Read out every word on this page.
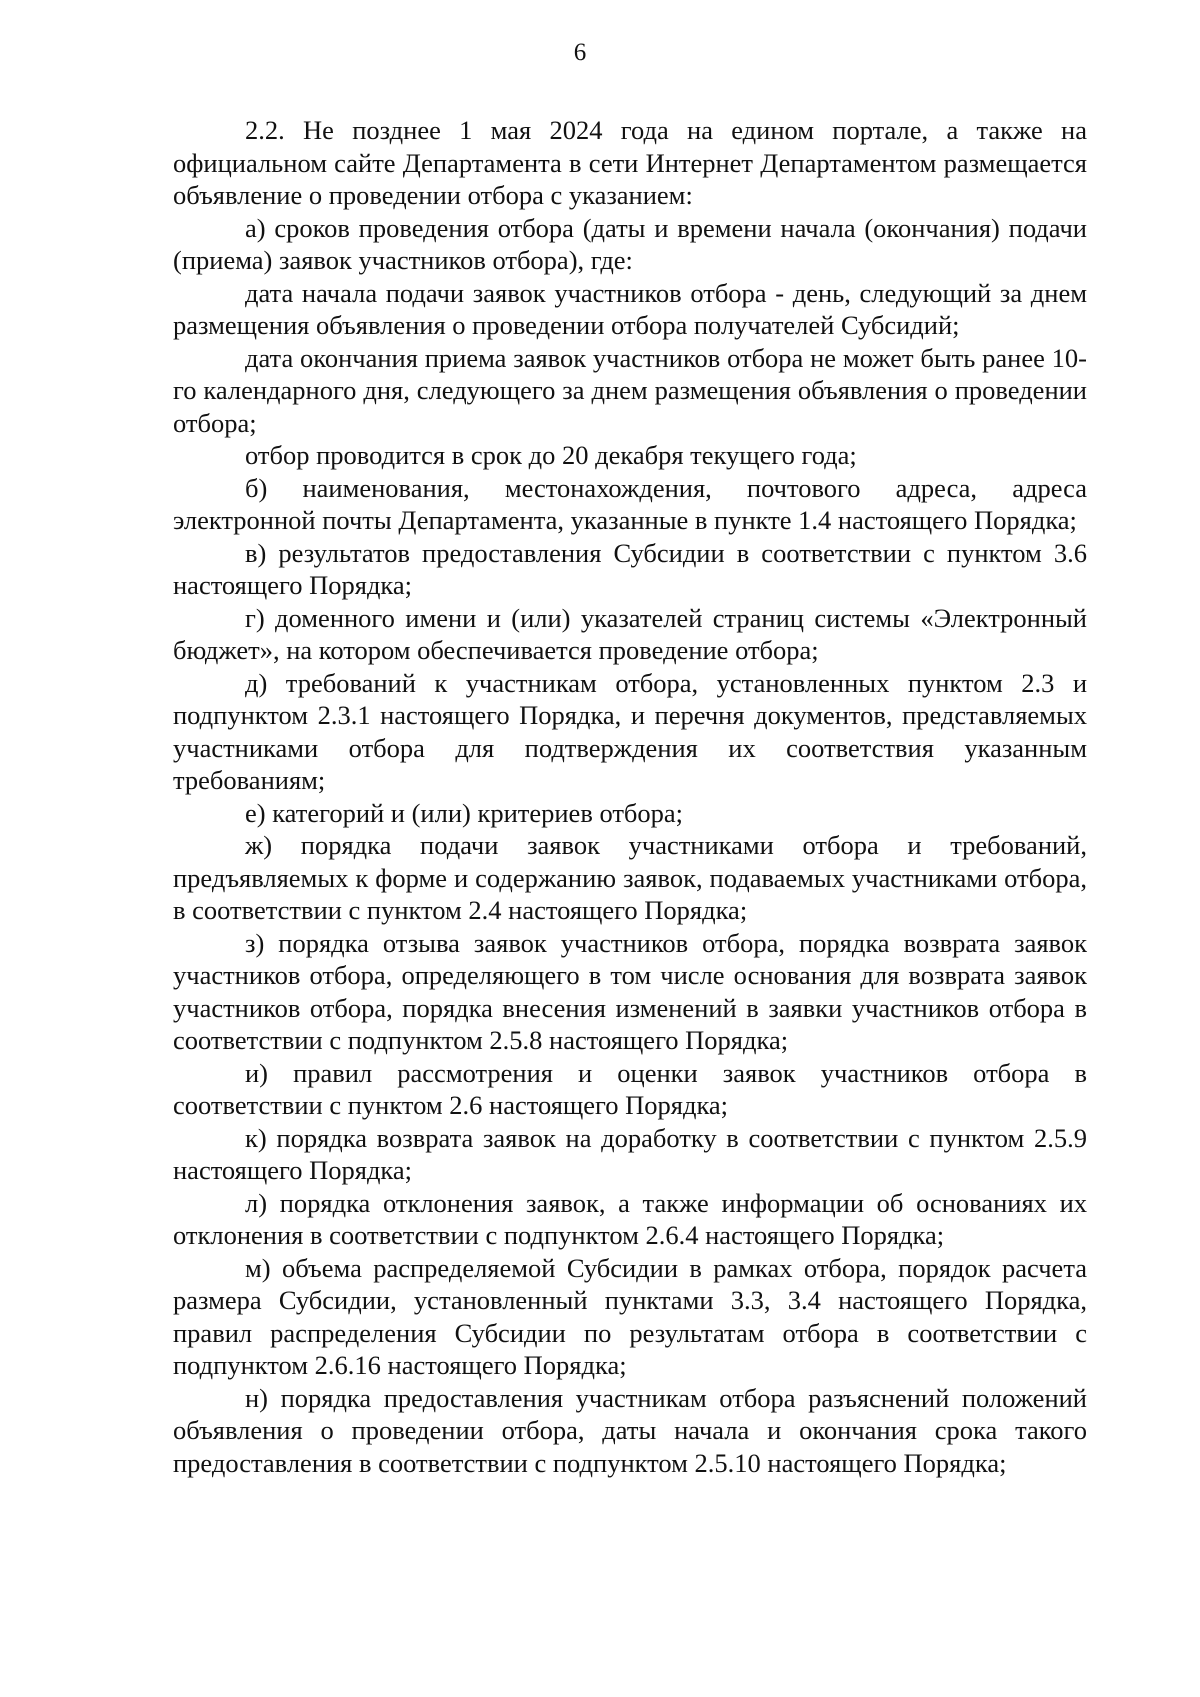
6

2.2. Не позднее 1 мая 2024 года на едином портале, а также на официальном сайте Департамента в сети Интернет Департаментом размещается объявление о проведении отбора с указанием:

а) сроков проведения отбора (даты и времени начала (окончания) подачи (приема) заявок участников отбора), где:

дата начала подачи заявок участников отбора - день, следующий за днем размещения объявления о проведении отбора получателей Субсидий;

дата окончания приема заявок участников отбора не может быть ранее 10-го календарного дня, следующего за днем размещения объявления о проведении отбора;

отбор проводится в срок до 20 декабря текущего года;

б) наименования, местонахождения, почтового адреса, адреса электронной почты Департамента, указанные в пункте 1.4 настоящего Порядка;

в) результатов предоставления Субсидии в соответствии с пунктом 3.6 настоящего Порядка;

г) доменного имени и (или) указателей страниц системы «Электронный бюджет», на котором обеспечивается проведение отбора;

д) требований к участникам отбора, установленных пунктом 2.3 и подпунктом 2.3.1 настоящего Порядка, и перечня документов, представляемых участниками отбора для подтверждения их соответствия указанным требованиям;

е) категорий и (или) критериев отбора;

ж) порядка подачи заявок участниками отбора и требований, предъявляемых к форме и содержанию заявок, подаваемых участниками отбора, в соответствии с пунктом 2.4 настоящего Порядка;

з) порядка отзыва заявок участников отбора, порядка возврата заявок участников отбора, определяющего в том числе основания для возврата заявок участников отбора, порядка внесения изменений в заявки участников отбора в соответствии с подпунктом 2.5.8 настоящего Порядка;

и) правил рассмотрения и оценки заявок участников отбора в соответствии с пунктом 2.6 настоящего Порядка;

к) порядка возврата заявок на доработку в соответствии с пунктом 2.5.9 настоящего Порядка;

л) порядка отклонения заявок, а также информации об основаниях их отклонения в соответствии с подпунктом 2.6.4 настоящего Порядка;

м) объема распределяемой Субсидии в рамках отбора, порядок расчета размера Субсидии, установленный пунктами 3.3, 3.4 настоящего Порядка, правил распределения Субсидии по результатам отбора в соответствии с подпунктом 2.6.16 настоящего Порядка;

н) порядка предоставления участникам отбора разъяснений положений объявления о проведении отбора, даты начала и окончания срока такого предоставления в соответствии с подпунктом 2.5.10 настоящего Порядка;
